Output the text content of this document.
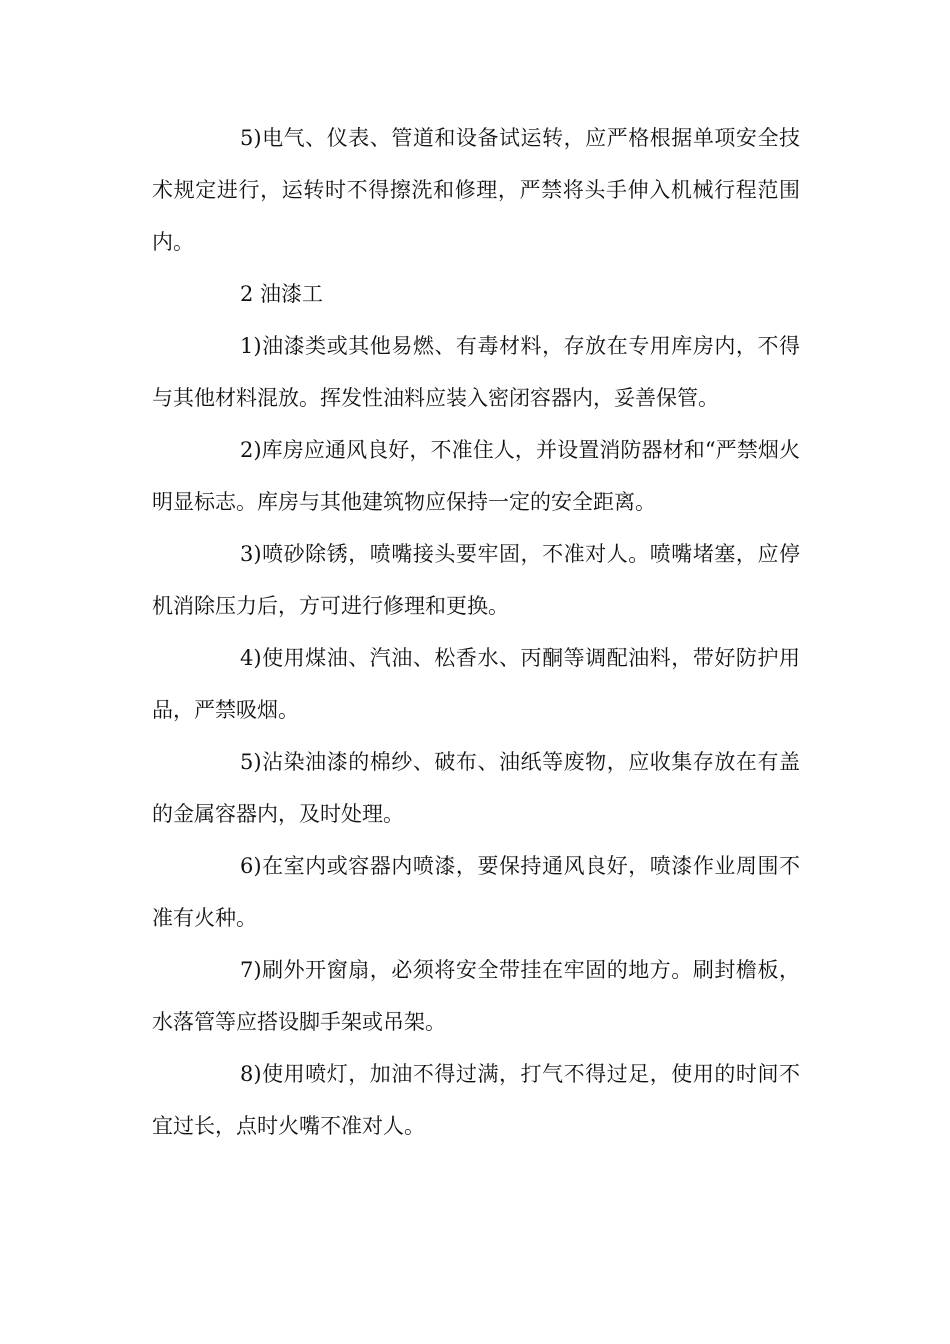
5)电气、仪表、管道和设备试运转，应严格根据单项安全技术规定进行，运转时不得擦洗和修理，严禁将头手伸入机械行程范围内。

2 油漆工

1)油漆类或其他易燃、有毒材料，存放在专用库房内，不得与其他材料混放。挥发性油料应装入密闭容器内，妥善保管。

2)库房应通风良好，不准住人，并设置消防器材和“严禁烟火明显标志。库房与其他建筑物应保持一定的安全距离。

3)喷砂除锈，喷嘴接头要牢固，不准对人。喷嘴堵塞，应停机消除压力后，方可进行修理和更换。

4)使用煤油、汽油、松香水、丙酮等调配油料，带好防护用品，严禁吸烟。

5)沾染油漆的棉纱、破布、油纸等废物，应收集存放在有盖的金属容器内，及时处理。

6)在室内或容器内喷漆，要保持通风良好，喷漆作业周围不准有火种。

7)刷外开窗扇，必须将安全带挂在牢固的地方。刷封檐板，水落管等应搭设脚手架或吊架。

8)使用喷灯，加油不得过满，打气不得过足，使用的时间不宜过长，点时火嘴不准对人。
